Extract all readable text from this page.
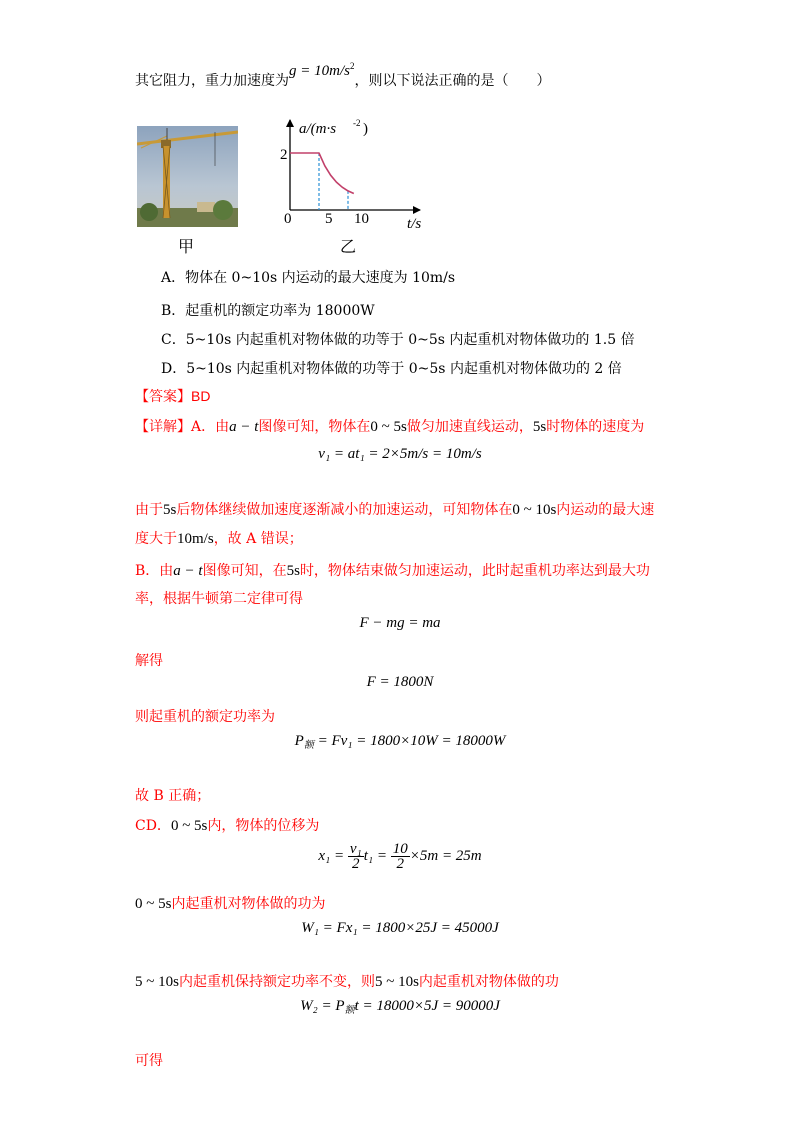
其它阻力，重力加速度为$g = 10m/s^2$，则以下说法正确的是（　　）
甲
a/(m·s -2 )
t/s
0
2
5 10
乙
A．物体在 0~10s 内运动的最大速度为 10m/s
B．起重机的额定功率为 18000W
C．5~10s 内起重机对物体做的功等于 0~5s 内起重机对物体做功的 1.5 倍
D．5~10s 内起重机对物体做的功等于 0~5s 内起重机对物体做功的 2 倍
【答案】BD
【详解】A．由a − t图像可知，物体在0 ~ 5s做匀加速直线运动，5s时物体的速度为
v₁ = at₁ = 2×5m/s = 10m/s
由于5s后物体继续做加速度逐渐减小的加速运动，可知物体在0 ~ 10s内运动的最大速
度大于10m/s，故 A 错误；
B．由a − t图像可知，在5s时，物体结束做匀加速运动，此时起重机功率达到最大功
率，根据牛顿第二定律可得
F − mg = ma
解得
F = 1800N
则起重机的额定功率为
$P_额 = Fv_1 = 1800\times 10W = 18000W$
故 B 正确；
CD．0 ~ 5s内，物体的位移为
$x_1 = \frac{\text{v₁}}{2} t_1 = \frac{10}{2} \times 5m = 25m$
0 ~ 5s内起重机对物体做的功为
W₁ = Fx₁ = 1800×25J = 45000J
5 ~ 10s内起重机保持额定功率不变，则5 ~ 10s内起重机对物体做的功
$W_2 = P_额t = 18000\times 5J = 90000J$
可得
